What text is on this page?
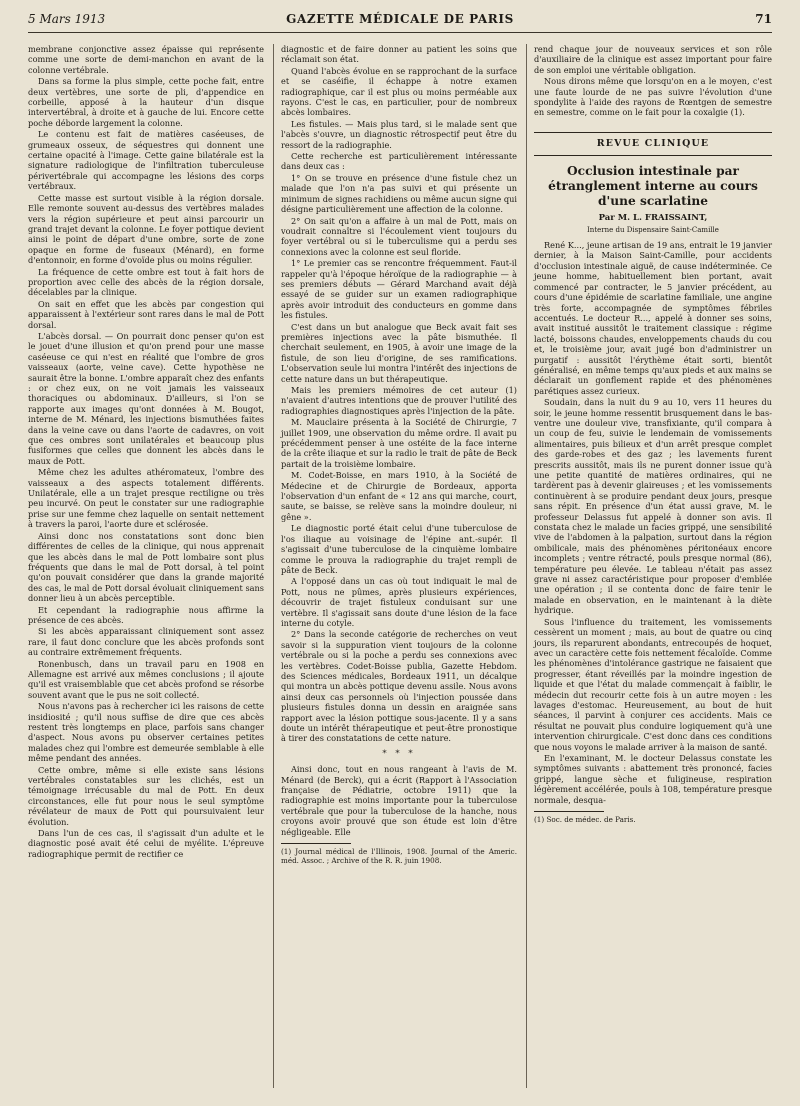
5 Mars 1913	GAZETTE MÉDICALE DE PARIS	71

membrane conjonctive assez épaisse qui représente comme une sorte de demi-manchon en avant de la colonne vertébrale.

Dans sa forme la plus simple, cette poche fait, entre deux vertèbres, une sorte de pli, d'appendice en corbeille, apposé à la hauteur d'un disque intervertébral, à droite et à gauche de lui. Encore cette poche déborde largement la colonne.

Le contenu est fait de matières caséeuses, de grumeaux osseux, de séquestres qui donnent une certaine opacité à l'image. Cette gaine bilatérale est la signature radiologique de l'infiltration tuberculeuse périvertébrale qui accompagne les lésions des corps vertébraux.

Cette masse est surtout visible à la région dorsale. Elle remonte souvent au-dessus des vertèbres malades vers la région supérieure et peut ainsi parcourir un grand trajet devant la colonne. Le foyer pottique devient ainsi le point de départ d'une ombre, sorte de zone opaque en forme de fuseaux (Ménard), en forme d'entonnoir, en forme d'ovoïde plus ou moins régulier.

La fréquence de cette ombre est tout à fait hors de proportion avec celle des abcès de la région dorsale, décelables par la clinique.

On sait en effet que les abcès par congestion qui apparaissent à l'extérieur sont rares dans le mal de Pott dorsal.

L'abcès dorsal. — On pourrait donc penser qu'on est le jouet d'une illusion et qu'on prend pour une masse caséeuse ce qui n'est en réalité que l'ombre de gros vaisseaux (aorte, veine cave). Cette hypothèse ne saurait être la bonne. L'ombre apparaît chez des enfants : or chez eux, on ne voit jamais les vaisseaux thoraciques ou abdominaux. D'ailleurs, si l'on se rapporte aux images qu'ont données à M. Bougot, interne de M. Ménard, les injections bismuthées faites dans la veine cave ou dans l'aorte de cadavres, on voit que ces ombres sont unilatérales et beaucoup plus fusiformes que celles que donnent les abcès dans le maux de Pott.

Même chez les adultes athéromateux, l'ombre des vaisseaux a des aspects totalement différents. Unilatérale, elle a un trajet presque rectiligne ou très peu incurvé. On peut le constater sur une radiographie prise sur une femme chez laquelle on sentait nettement à travers la paroi, l'aorte dure et sclérosée.

Ainsi donc nos constatations sont donc bien différentes de celles de la clinique, qui nous apprenait que les abcès dans le mal de Pott lombaire sont plus fréquents que dans le mal de Pott dorsal, à tel point qu'on pouvait considérer que dans la grande majorité des cas, le mal de Pott dorsal évoluait cliniquement sans donner lieu à un abcès perceptible.

Et cependant la radiographie nous affirme la présence de ces abcès.

Si les abcès apparaissant cliniquement sont assez rare, il faut donc conclure que les abcès profonds sont au contraire extrêmement fréquents.

Ronenbusch, dans un travail paru en 1908 en Allemagne est arrivé aux mêmes conclusions ; il ajoute qu'il est vraisemblable que cet abcès profond se résorbe souvent avant que le pus ne soit collecté.

Nous n'avons pas à rechercher ici les raisons de cette insidiosité ; qu'il nous suffise de dire que ces abcès restent très longtemps en place, parfois sans changer d'aspect. Nous avons pu observer certaines petites malades chez qui l'ombre est demeurée semblable à elle même pendant des années.

Cette ombre, même si elle existe sans lésions vertébrales constatables sur les clichés, est un témoignage irrécusable du mal de Pott. En deux circonstances, elle fut pour nous le seul symptôme révélateur de maux de Pott qui poursuivaient leur évolution.

Dans l'un de ces cas, il s'agissait d'un adulte et le diagnostic posé avait été celui de myélite. L'épreuve radiographique permit de rectifier ce

diagnostic et de faire donner au patient les soins que réclamait son état.

Quand l'abcès évolue en se rapprochant de la surface et se caséifie, il échappe à notre examen radiographique, car il est plus ou moins perméable aux rayons. C'est le cas, en particulier, pour de nombreux abcès lombaires.

Les fistules. — Mais plus tard, si le malade sent que l'abcès s'ouvre, un diagnostic rétrospectif peut être du ressort de la radiographie.

Cette recherche est particulièrement intéressante dans deux cas :

1° On se trouve en présence d'une fistule chez un malade que l'on n'a pas suivi et qui présente un minimum de signes rachidiens ou même aucun signe qui désigne particulièrement une affection de la colonne.

2° On sait qu'on a affaire à un mal de Pott, mais on voudrait connaître si l'écoulement vient toujours du foyer vertébral ou si le tuberculisme qui a perdu ses connexions avec la colonne est seul floride.

1° Le premier cas se rencontre fréquemment. Faut-il rappeler qu'à l'époque héroïque de la radiographie — à ses premiers débuts — Gérard Marchand avait déjà essayé de se guider sur un examen radiographique après avoir introduit des conducteurs en gomme dans les fistules.

C'est dans un but analogue que Beck avait fait ses premières injections avec la pâte bismuthée. Il cherchait seulement, en 1905, à avoir une image de la fistule, de son lieu d'origine, de ses ramifications. L'observation seule lui montra l'intérêt des injections de cette nature dans un but thérapeutique.

Mais les premiers mémoires de cet auteur (1) n'avaient d'autres intentions que de prouver l'utilité des radiographies diagnostiques après l'injection de la pâte.

M. Mauclaire présenta à la Société de Chirurgie, 7 juillet 1909, une observation du même ordre. Il avait pu précédemment penser à une ostéite de la face interne de la crête iliaque et sur la radio le trait de pâte de Beck partait de la troisième lombaire.

M. Codet-Boisse, en mars 1910, à la Société de Médecine et de Chirurgie de Bordeaux, apporta l'observation d'un enfant de « 12 ans qui marche, court, saute, se baisse, se relève sans la moindre douleur, ni gêne ».

Le diagnostic porté était celui d'une tuberculose de l'os iliaque au voisinage de l'épine ant.-supér. Il s'agissait d'une tuberculose de la cinquième lombaire comme le prouva la radiographie du trajet rempli de pâte de Beck.

A l'opposé dans un cas où tout indiquait le mal de Pott, nous ne pûmes, après plusieurs expériences, découvrir de trajet fistuleux conduisant sur une vertèbre. Il s'agissait sans doute d'une lésion de la face interne du cotyle.

2° Dans la seconde catégorie de recherches on veut savoir si la suppuration vient toujours de la colonne vertébrale ou si la poche a perdu ses connexions avec les vertèbres. Codet-Boisse publia, Gazette Hebdom. des Sciences médicales, Bordeaux 1911, un décalque qui montra un abcès pottique devenu assile. Nous avons ainsi deux cas personnels où l'injection poussée dans plusieurs fistules donna un dessin en araignée sans rapport avec la lésion pottique sous-jacente. Il y a sans doute un intérêt thérapeutique et peut-être pronostique à tirer des constatations de cette nature.

* * *

Ainsi donc, tout en nous rangeant à l'avis de M. Ménard (de Berck), qui a écrit (Rapport à l'Association française de Pédiatrie, octobre 1911) que la radiographie est moins importante pour la tuberculose vertébrale que pour la tuberculose de la hanche, nous croyons avoir prouvé que son étude est loin d'être négligeable. Elle

(1) Journal médical de l'Illinois, 1908. Journal of the Americ. méd. Assoc. ; Archive of the R. R. juin 1908.

rend chaque jour de nouveaux services et son rôle d'auxiliaire de la clinique est assez important pour faire de son emploi une véritable obligation.

Nous dirons même que lorsqu'on en a le moyen, c'est une faute lourde de ne pas suivre l'évolution d'une spondylite à l'aide des rayons de Rœntgen de semestre en semestre, comme on le fait pour la coxalgie (1).

REVUE CLINIQUE
Occlusion intestinale par étranglement interne au cours d'une scarlatine
Par M. L. FRAISSAINT,
Interne du Dispensaire Saint-Camille

René K..., jeune artisan de 19 ans, entrait le 19 janvier dernier, à la Maison Saint-Camille, pour accidents d'occlusion intestinale aiguë, de cause indéterminée. Ce jeune homme, habituellement bien portant, avait commencé par contracter, le 5 janvier précédent, au cours d'une épidémie de scarlatine familiale, une angine très forte, accompagnée de symptômes fébriles accentués. Le docteur R..., appelé à donner ses soins, avait institué aussitôt le traitement classique : régime lacté, boissons chaudes, enveloppements chauds du cou et, le troisième jour, avait jugé bon d'administrer un purgatif : aussitôt l'érythème était sorti, bientôt généralisé, en même temps qu'aux pieds et aux mains se déclarait un gonflement rapide et des phénomènes parétiques assez curieux.

Soudain, dans la nuit du 9 au 10, vers 11 heures du soir, le jeune homme ressentit brusquement dans le bas-ventre une douleur vive, transfixiante, qu'il compara à un coup de feu, suivie le lendemain de vomissements alimentaires, puis bilieux et d'un arrêt presque complet des garde-robes et des gaz ; les lavements furent prescrits aussitôt, mais ils ne purent donner issue qu'à une petite quantité de matières ordinaires, qui ne tardèrent pas à devenir glaireuses ; et les vomissements continuèrent à se produire pendant deux jours, presque sans répit. En présence d'un état aussi grave, M. le professeur Delassus fut appelé à donner son avis. Il constata chez le malade un facies grippé, une sensibilité vive de l'abdomen à la palpation, surtout dans la région ombilicale, mais des phénomènes péritonéaux encore incomplets ; ventre rétracté, pouls presque normal (86), température peu élevée. Le tableau n'était pas assez grave ni assez caractéristique pour proposer d'emblée une opération ; il se contenta donc de faire tenir le malade en observation, en le maintenant à la diète hydrique.

Sous l'influence du traitement, les vomissements cessèrent un moment ; mais, au bout de quatre ou cinq jours, ils reparurent abondants, entrecoupés de hoquet, avec un caractère cette fois nettement fécaloïde. Comme les phénomènes d'intolérance gastrique ne faisaient que progresser, étant réveillés par la moindre ingestion de liquide et que l'état du malade commençait à faiblir, le médecin dut recourir cette fois à un autre moyen : les lavages d'estomac. Heureusement, au bout de huit séances, il parvint à conjurer ces accidents. Mais ce résultat ne pouvait plus conduire logiquement qu'à une intervention chirurgicale. C'est donc dans ces conditions que nous voyons le malade arriver à la maison de santé.

En l'examinant, M. le docteur Delassus constate les symptômes suivants : abattement très prononcé, facies grippé, langue sèche et fuligineuse, respiration légèrement accélérée, pouls à 108, température presque normale, desqua-

(1) Soc. de médec. de Paris.
